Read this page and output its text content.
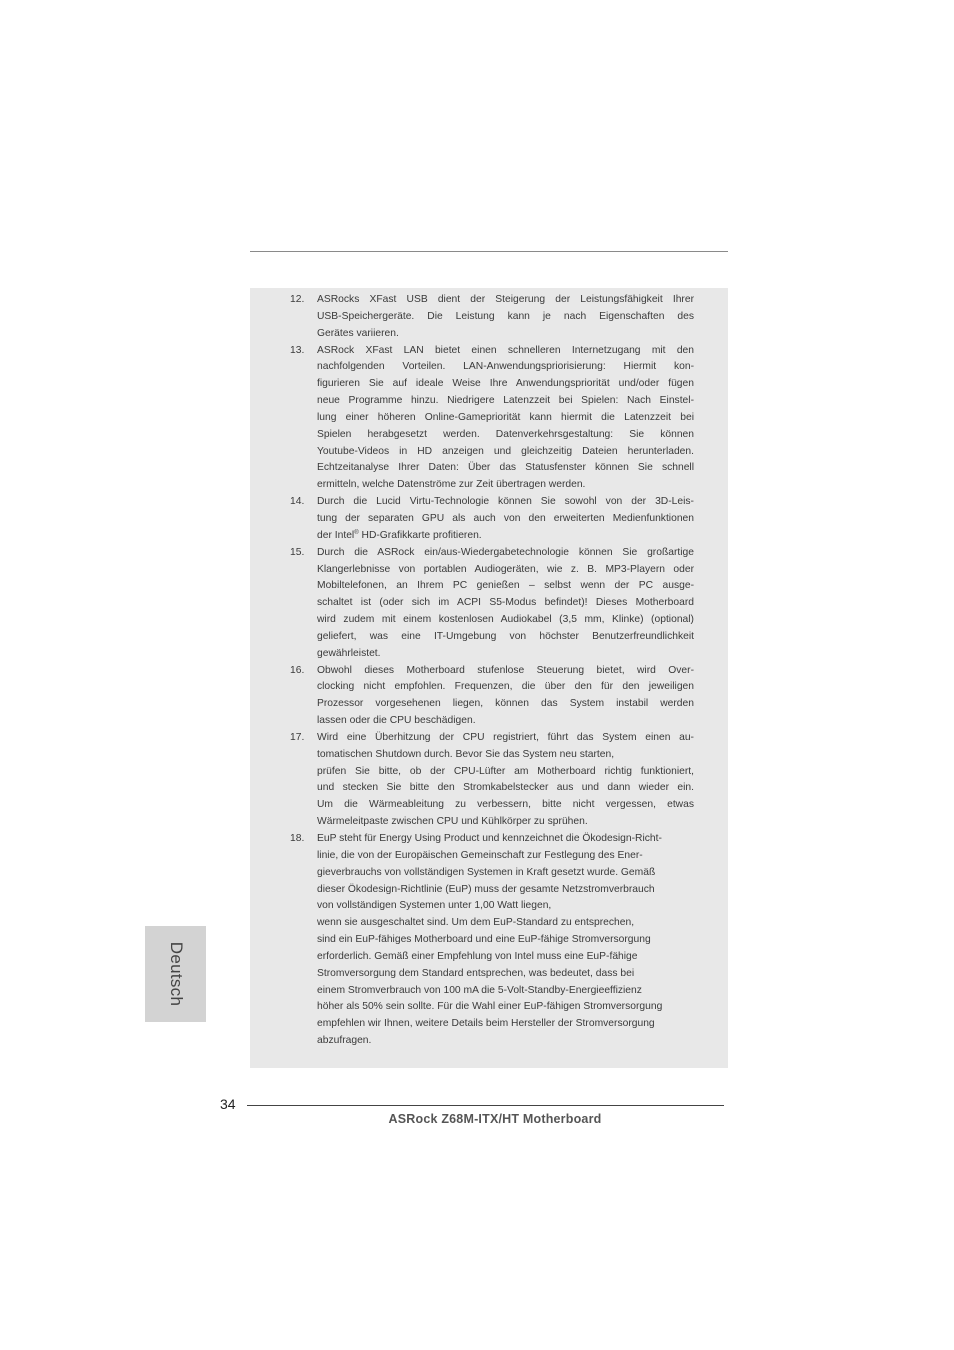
12.	ASRocks XFast USB dient der Steigerung der Leistungsfähigkeit Ihrer
USB-Speichergeräte. Die Leistung kann je nach Eigenschaften des
Gerätes variieren.
13.	ASRock XFast LAN bietet einen schnelleren Internetzugang mit den
nachfolgenden Vorteilen. LAN-Anwendungspriorisierung: Hiermit kon-
figurieren Sie auf ideale Weise Ihre Anwendungspriorität und/oder fügen
neue Programme hinzu. Niedrigere Latenzzeit bei Spielen: Nach Einstel-
lung einer höheren Online-Gamepriorität kann hiermit die Latenzzeit bei
Spielen herabgesetzt werden. Datenverkehrsgestaltung: Sie können
Youtube-Videos in HD anzeigen und gleichzeitig Dateien herunterladen.
Echtzeitanalyse Ihrer Daten: Über das Statusfenster können Sie schnell
ermitteln, welche Datenströme zur Zeit übertragen werden.
14.	Durch die Lucid Virtu-Technologie können Sie sowohl von der 3D-Leis-
tung der separaten GPU als auch von den erweiterten Medienfunktionen
der Intel® HD-Grafikkarte profitieren.
15.	Durch die ASRock ein/aus-Wiedergabetechnologie können Sie großartige
Klangerlebnisse von portablen Audiogeräten, wie z. B. MP3-Playern oder
Mobiltelefonen, an Ihrem PC genießen – selbst wenn der PC ausge-
schaltet ist (oder sich im ACPI S5-Modus befindet)! Dieses Motherboard
wird zudem mit einem kostenlosen Audiokabel (3,5 mm, Klinke) (optional)
geliefert, was eine IT-Umgebung von höchster Benutzerfreundlichkeit
gewährleistet.
16.	Obwohl dieses Motherboard stufenlose Steuerung bietet, wird Over-
clocking nicht empfohlen. Frequenzen, die über den für den jeweiligen
Prozessor vorgesehenen liegen, können das System instabil werden
lassen oder die CPU beschädigen.
17.	Wird eine Überhitzung der CPU registriert, führt das System einen au-
tomatischen Shutdown durch. Bevor Sie das System neu starten,
prüfen Sie bitte, ob der CPU-Lüfter am Motherboard richtig funktioniert,
und stecken Sie bitte den Stromkabelstecker aus und dann wieder ein.
Um die Wärmeableitung zu verbessern, bitte nicht vergessen, etwas
Wärmeleitpaste zwischen CPU und Kühlkörper zu sprühen.
18.	EuP steht für Energy Using Product und kennzeichnet die Ökodesign-Richt-
linie, die von der Europäischen Gemeinschaft zur Festlegung des Ener-
gieverbrauchs von vollständigen Systemen in Kraft gesetzt wurde. Gemäß
dieser Ökodesign-Richtlinie (EuP) muss der gesamte Netzstromverbrauch
von vollständigen Systemen unter 1,00 Watt liegen,
wenn sie ausgeschaltet sind. Um dem EuP-Standard zu entsprechen,
sind ein EuP-fähiges Motherboard und eine EuP-fähige Stromversorgung
erforderlich. Gemäß einer Empfehlung von Intel muss eine EuP-fähige
Stromversorgung dem Standard entsprechen, was bedeutet, dass bei
einem Stromverbrauch von 100 mA die 5-Volt-Standby-Energieeffizienz
höher als 50% sein sollte. Für die Wahl einer EuP-fähigen Stromversorgung
empfehlen wir Ihnen, weitere Details beim Hersteller der Stromversorgung
abzufragen.
Deutsch
34
ASRock Z68M-ITX/HT Motherboard
